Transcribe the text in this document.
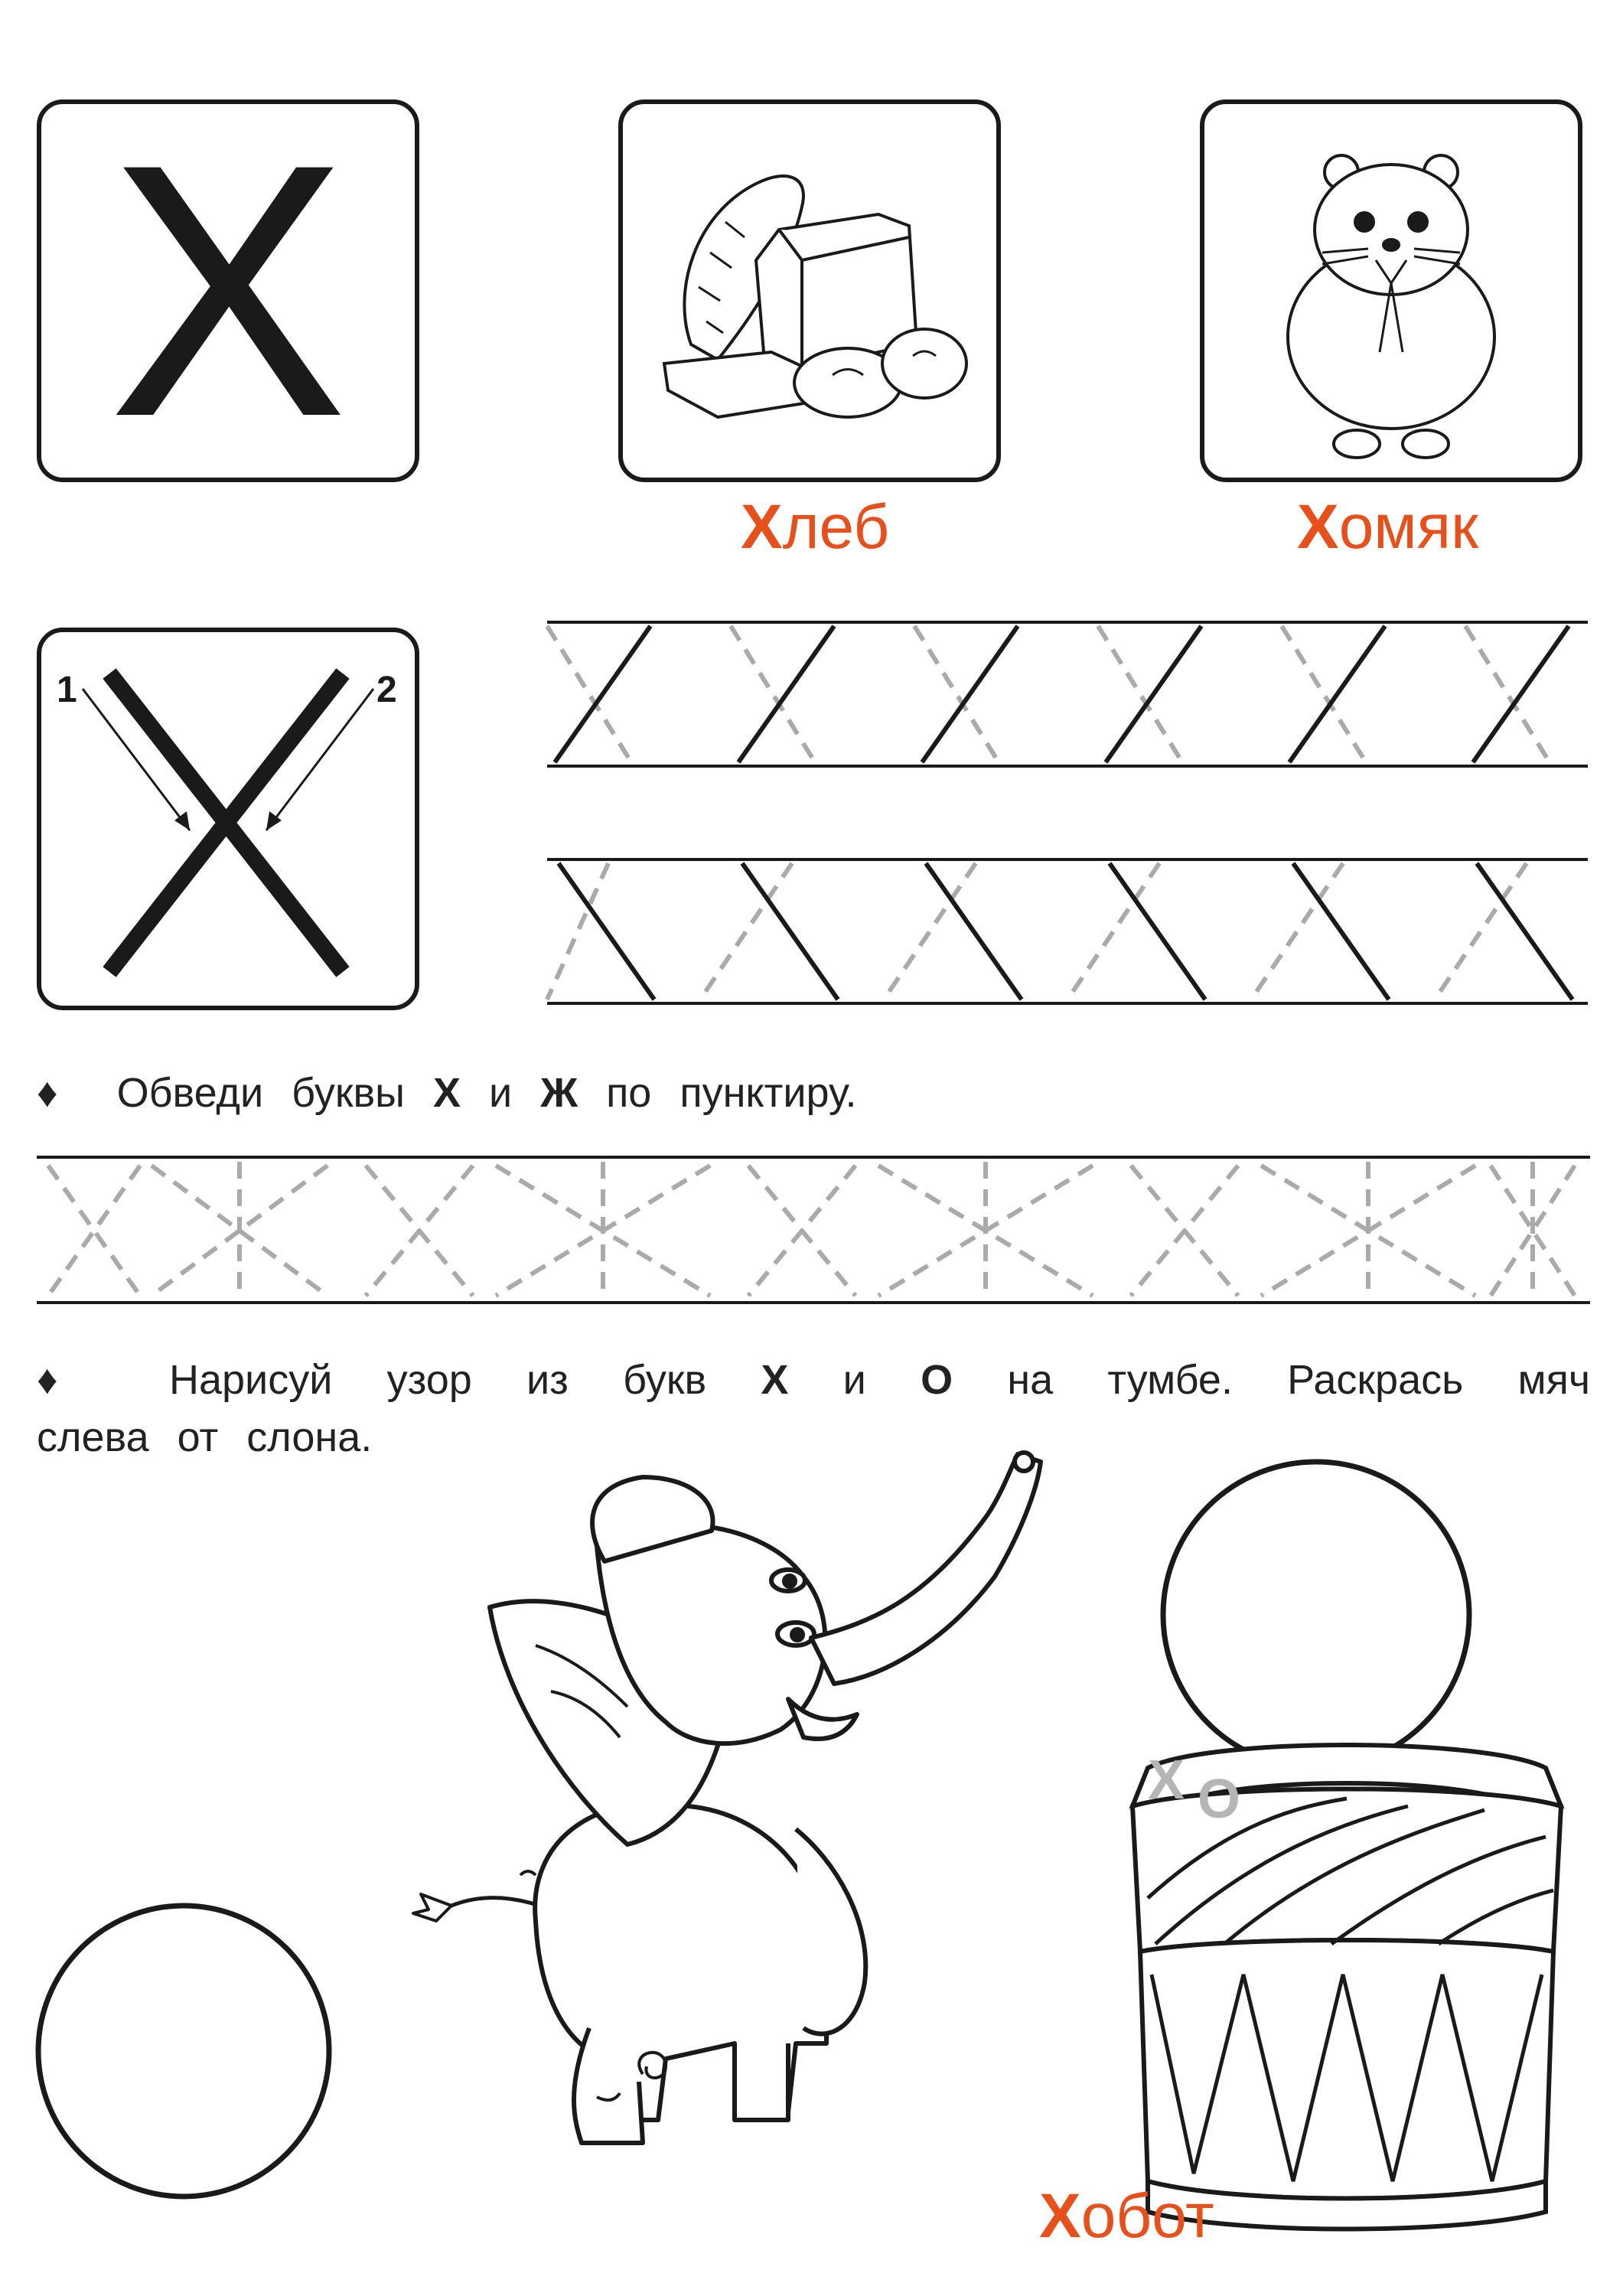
Х
Хлеб	Хомяк
1	2
♦ Обведи буквы Х и Ж по пунктиру.
♦ Нарисуй узор из букв Х и О на тумбе. Раскрась мяч
слева от слона.
Х О
Хобот
